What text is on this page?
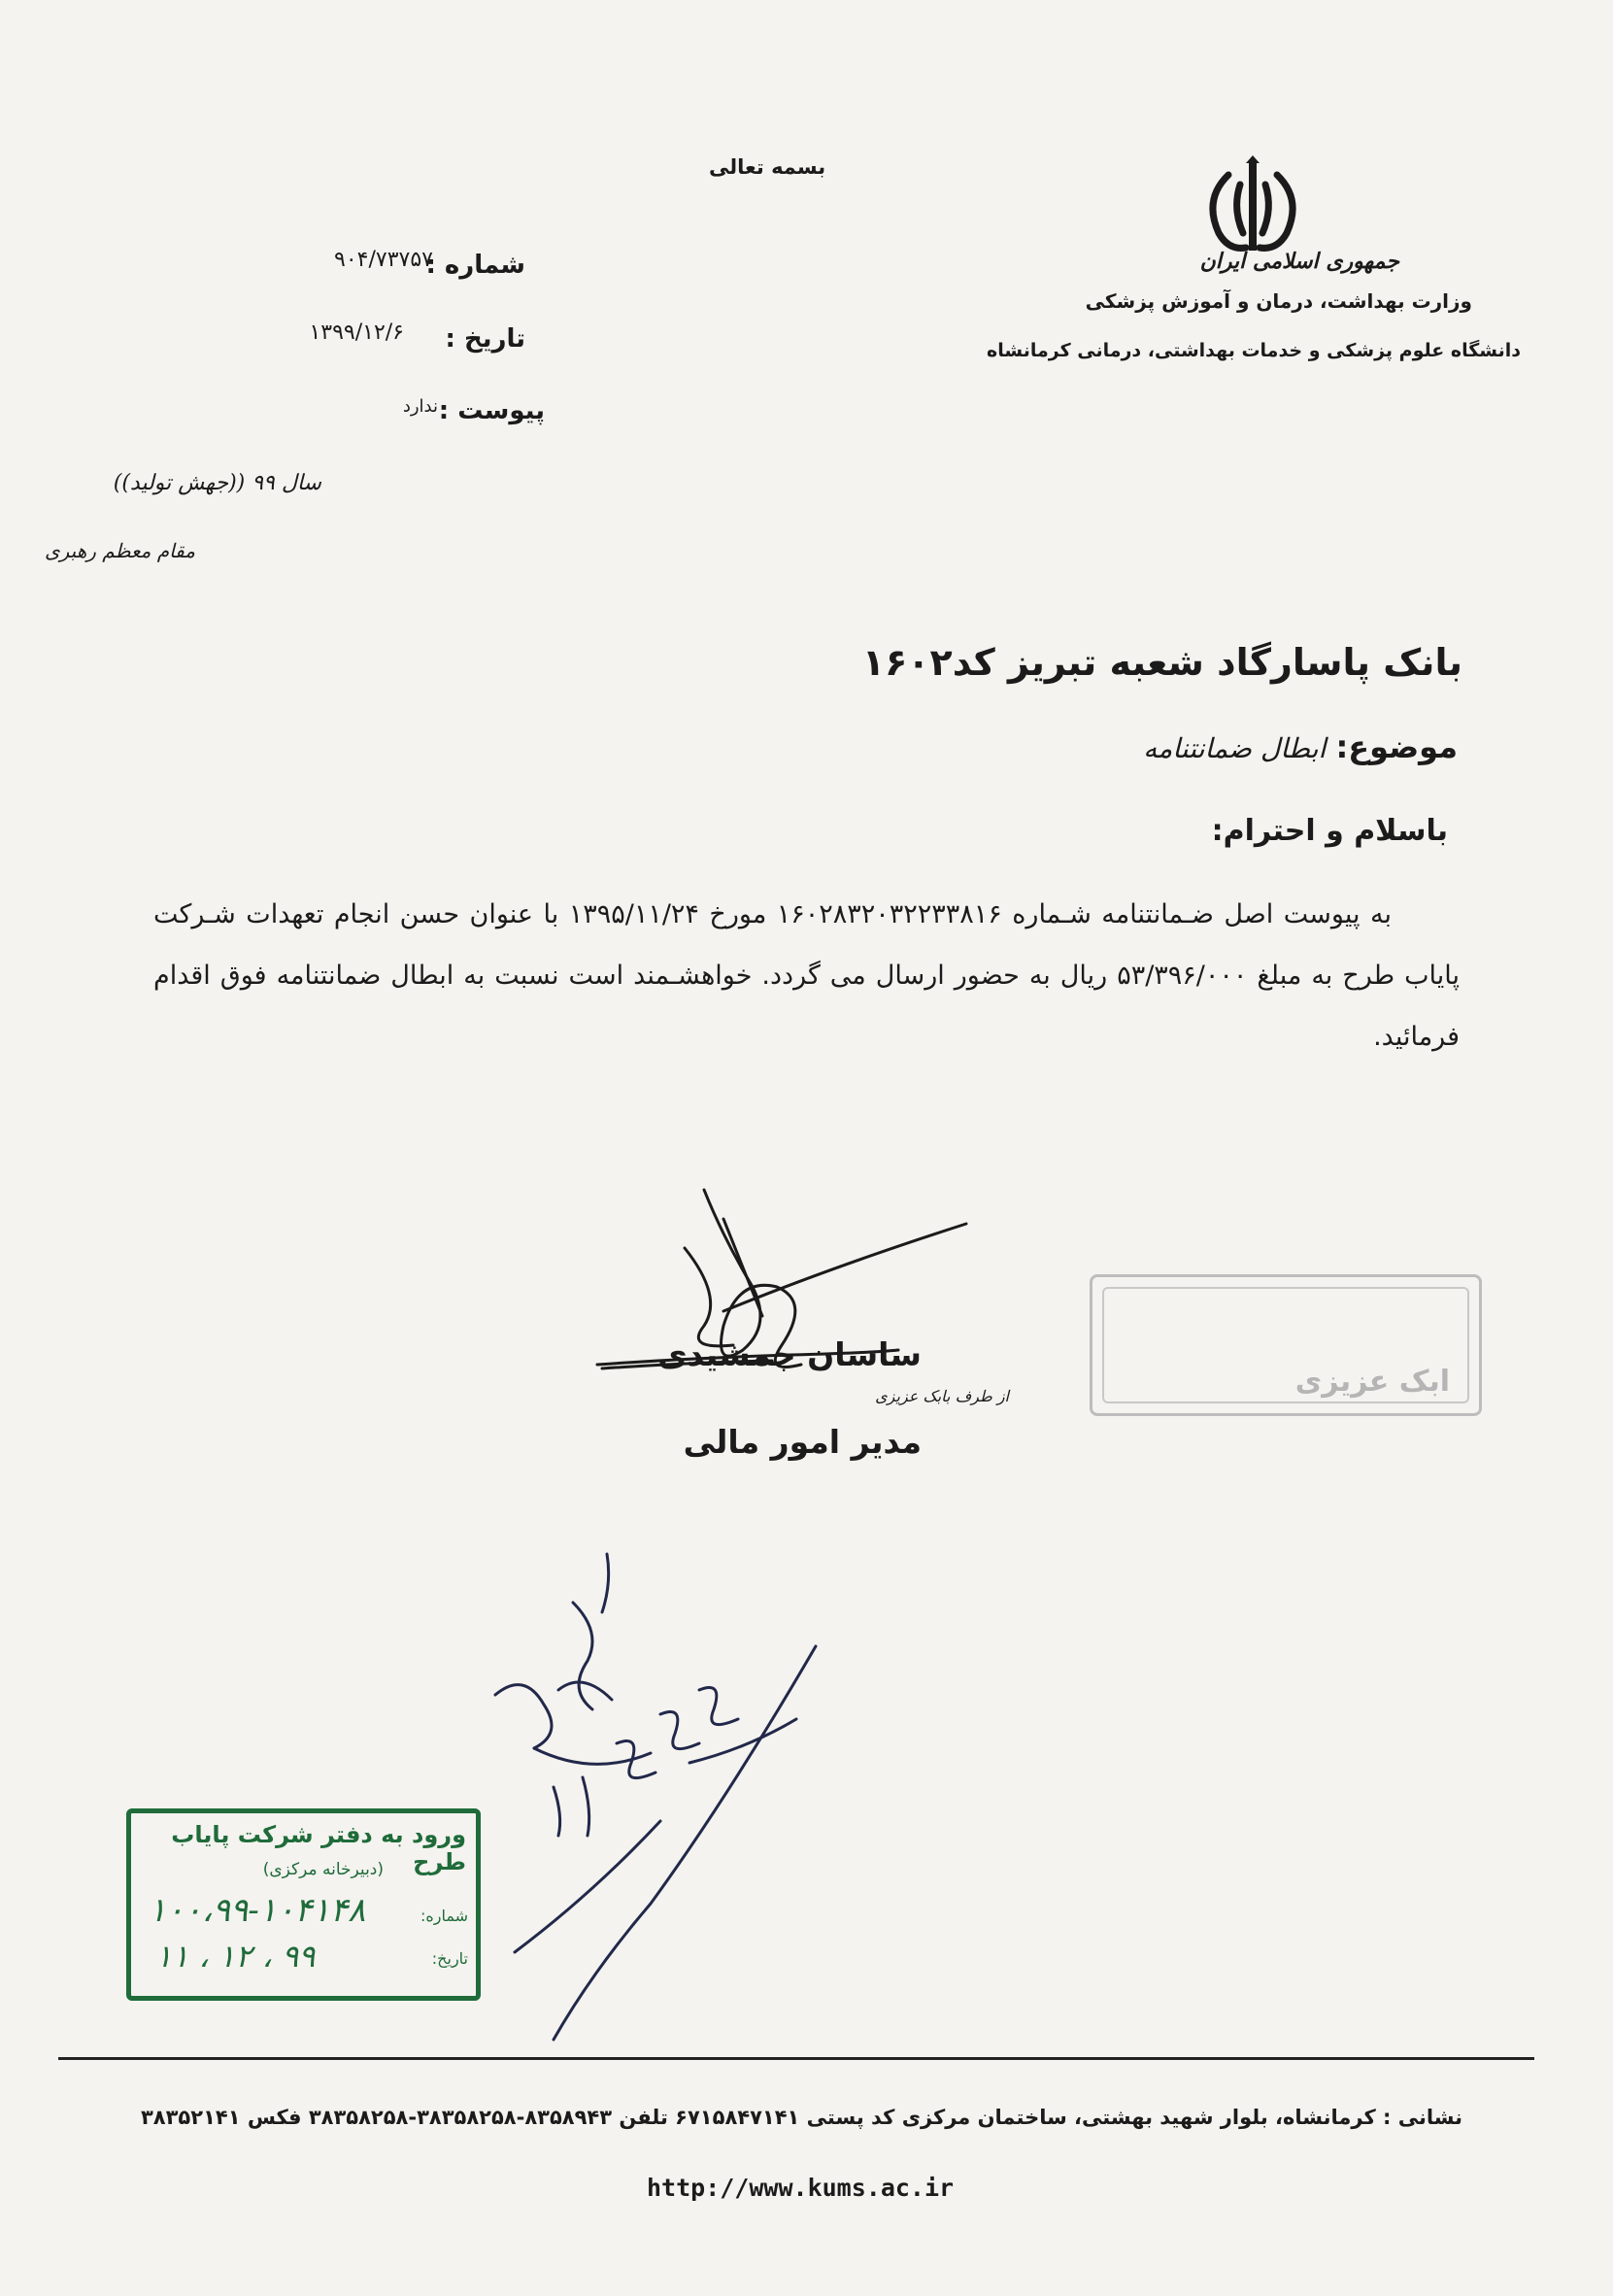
جمهوری اسلامی ایران
وزارت بهداشت، درمان و آموزش پزشکی
دانشگاه علوم پزشکی و خدمات بهداشتی، درمانی کرمانشاه
بسمه تعالی
شماره :
۹۰۴/۷۳۷۵۷
تاریخ :
۱۳۹۹/۱۲/۶
پیوست :
ندارد
سال ۹۹ ((جهش تولید))
مقام معظم رهبری
بانک پاسارگاد شعبه تبریز کد۱۶۰۲
موضوع: ابطال ضمانتنامه
باسلام و احترام:
به پیوست اصل ضـمانتنامه شـماره ۱۶۰۲۸۳۲۰۳۲۲۳۳۸۱۶ مورخ ۱۳۹۵/۱۱/۲۴ با عنوان حسن انجام تعهدات شـرکت پایاب طرح به مبلغ ۵۳/۳۹۶/۰۰۰ ریال به حضور ارسال می گردد. خواهشـمند است نسبت به ابطال ضمانتنامه فوق اقدام فرمائید.
ساسان جمشیدی
از طرف بابک عزیزی
مدیر امور مالی
ابک عزیزی
بایگانی ۱۱/۲/۹۹
ورود به دفتر شرکت پایاب طرح
(دبیرخانه مرکزی)
شماره:
۱۰۰،۹۹-۱۰۴۱۴۸
تاریخ:
۹۹ ، ۱۲ ، ۱۱
نشانی : کرمانشاه، بلوار شهید بهشتی، ساختمان مرکزی کد پستی ۶۷۱۵۸۴۷۱۴۱ تلفن ۸۳۵۸۹۴۳-۳۸۳۵۸۲۵۸-۳۸۳۵۸۲۵۸ فکس ۳۸۳۵۲۱۴۱
http://www.kums.ac.ir
